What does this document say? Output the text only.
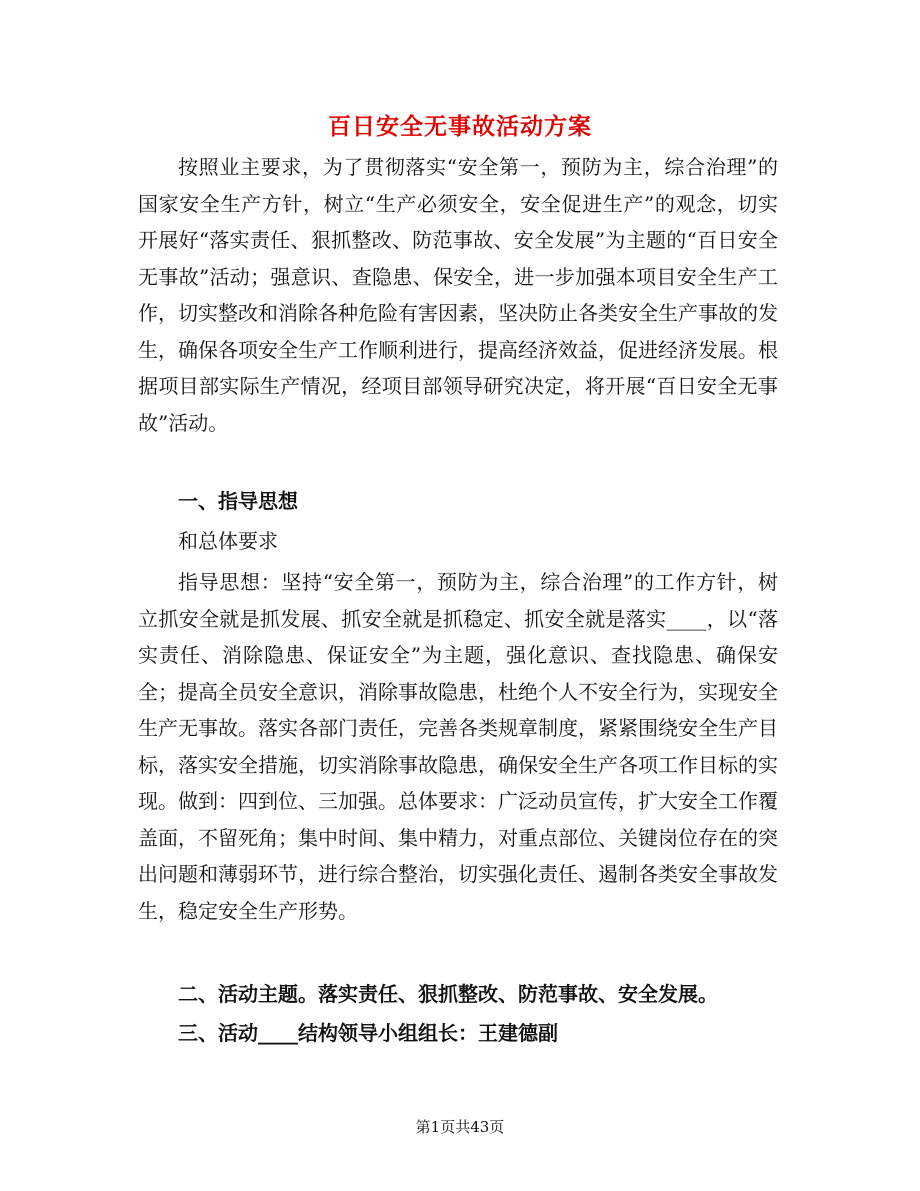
百日安全无事故活动方案
按照业主要求，为了贯彻落实“安全第一，预防为主，综合治理”的国家安全生产方针，树立“生产必须安全，安全促进生产”的观念，切实开展好“落实责任、狠抓整改、防范事故、安全发展”为主题的“百日安全无事故”活动；强意识、查隐患、保安全，进一步加强本项目安全生产工作，切实整改和消除各种危险有害因素，坚决防止各类安全生产事故的发生，确保各项安全生产工作顺利进行，提高经济效益，促进经济发展。根据项目部实际生产情况，经项目部领导研究决定，将开展“百日安全无事故”活动。
一、指导思想
和总体要求
指导思想：坚持“安全第一，预防为主，综合治理”的工作方针，树立抓安全就是抓发展、抓安全就是抓稳定、抓安全就是落实____，以“落实责任、消除隐患、保证安全”为主题，强化意识、查找隐患、确保安全；提高全员安全意识，消除事故隐患，杜绝个人不安全行为，实现安全生产无事故。落实各部门责任，完善各类规章制度，紧紧围绕安全生产目标，落实安全措施，切实消除事故隐患，确保安全生产各项工作目标的实现。做到：四到位、三加强。总体要求：广泛动员宣传，扩大安全工作覆盖面，不留死角；集中时间、集中精力，对重点部位、关键岗位存在的突出问题和薄弱环节，进行综合整治，切实强化责任、遏制各类安全事故发生，稳定安全生产形势。
二、活动主题。落实责任、狠抓整改、防范事故、安全发展。
三、活动____结构领导小组组长：王建德副
第1页共43页
